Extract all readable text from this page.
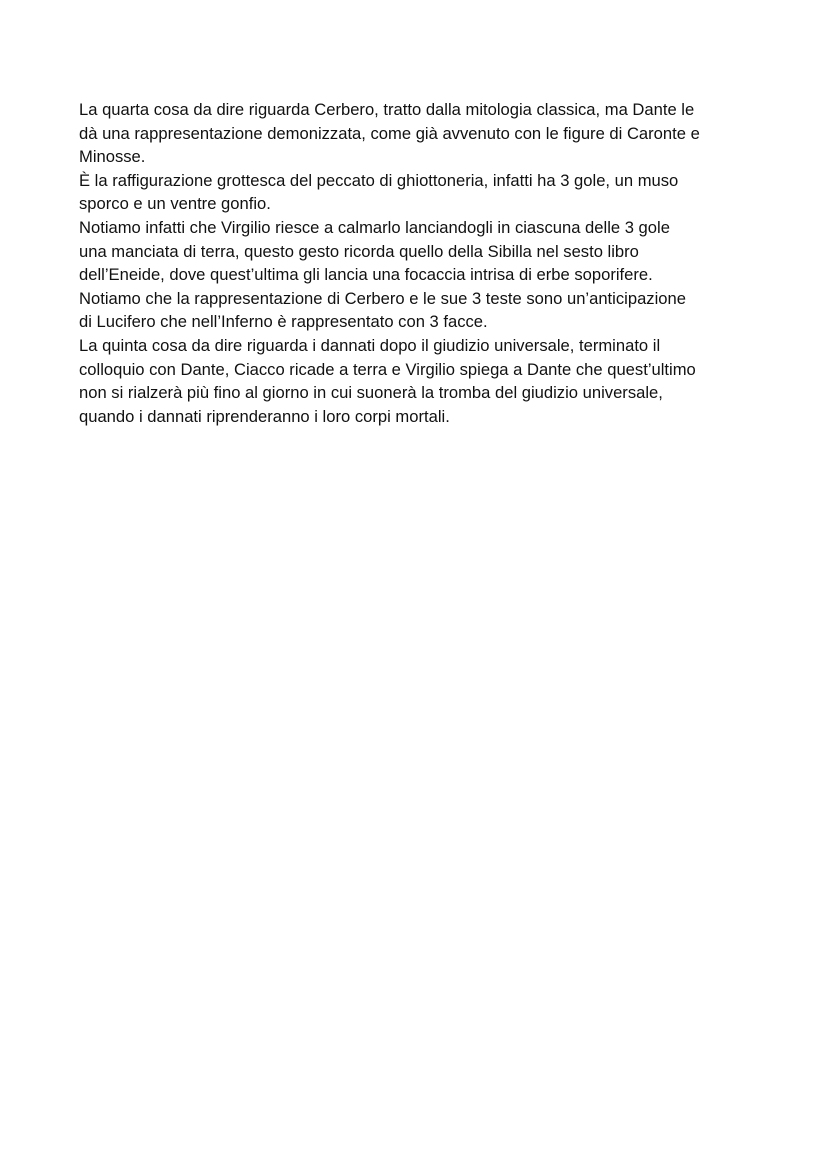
La quarta cosa da dire riguarda Cerbero, tratto dalla mitologia classica, ma Dante le
dà una rappresentazione demonizzata, come già avvenuto con le figure di Caronte e
Minosse.

È la raffigurazione grottesca del peccato di ghiottoneria, infatti ha 3 gole, un muso
sporco e un ventre gonfio.

Notiamo infatti che Virgilio riesce a calmarlo lanciandogli in ciascuna delle 3 gole
una manciata di terra, questo gesto ricorda quello della Sibilla nel sesto libro
dell’Eneide, dove quest’ultima gli lancia una focaccia intrisa di erbe soporifere.

Notiamo che la rappresentazione di Cerbero e le sue 3 teste sono un’anticipazione
di Lucifero che nell’Inferno è rappresentato con 3 facce.

La quinta cosa da dire riguarda i dannati dopo il giudizio universale, terminato il
colloquio con Dante, Ciacco ricade a terra e Virgilio spiega a Dante che quest’ultimo
non si rialzerà più fino al giorno in cui suonerà la tromba del giudizio universale,
quando i dannati riprenderanno i loro corpi mortali.
